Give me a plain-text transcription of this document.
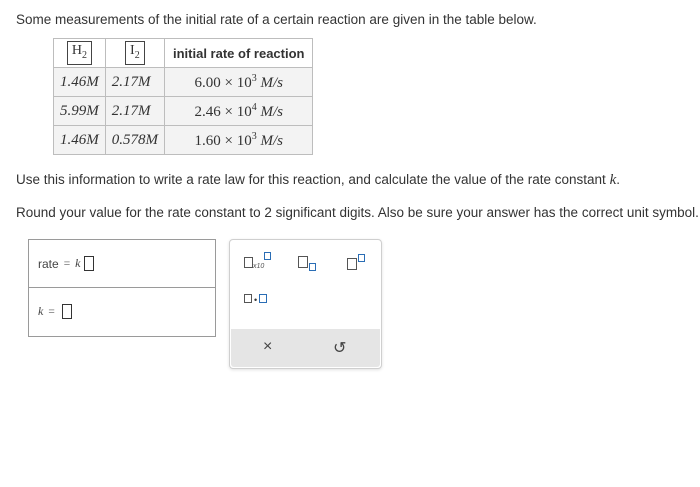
Some measurements of the initial rate of a certain reaction are given in the table below.
$H_2$	$I_2$	initial rate of reaction
1.46M	2.17M	$6.00 \times 10^3$ M/s
5.99M	2.17M	$2.46 \times 10^4$ M/s
1.46M	0.578M	$1.60 \times 10^3$ M/s
Use this information to write a rate law for this reaction, and calculate the value of the rate constant k.
Round your value for the rate constant to 2 significant digits. Also be sure your answer has the correct unit symbol.
rate = k
k =
x10
•
×	↺
